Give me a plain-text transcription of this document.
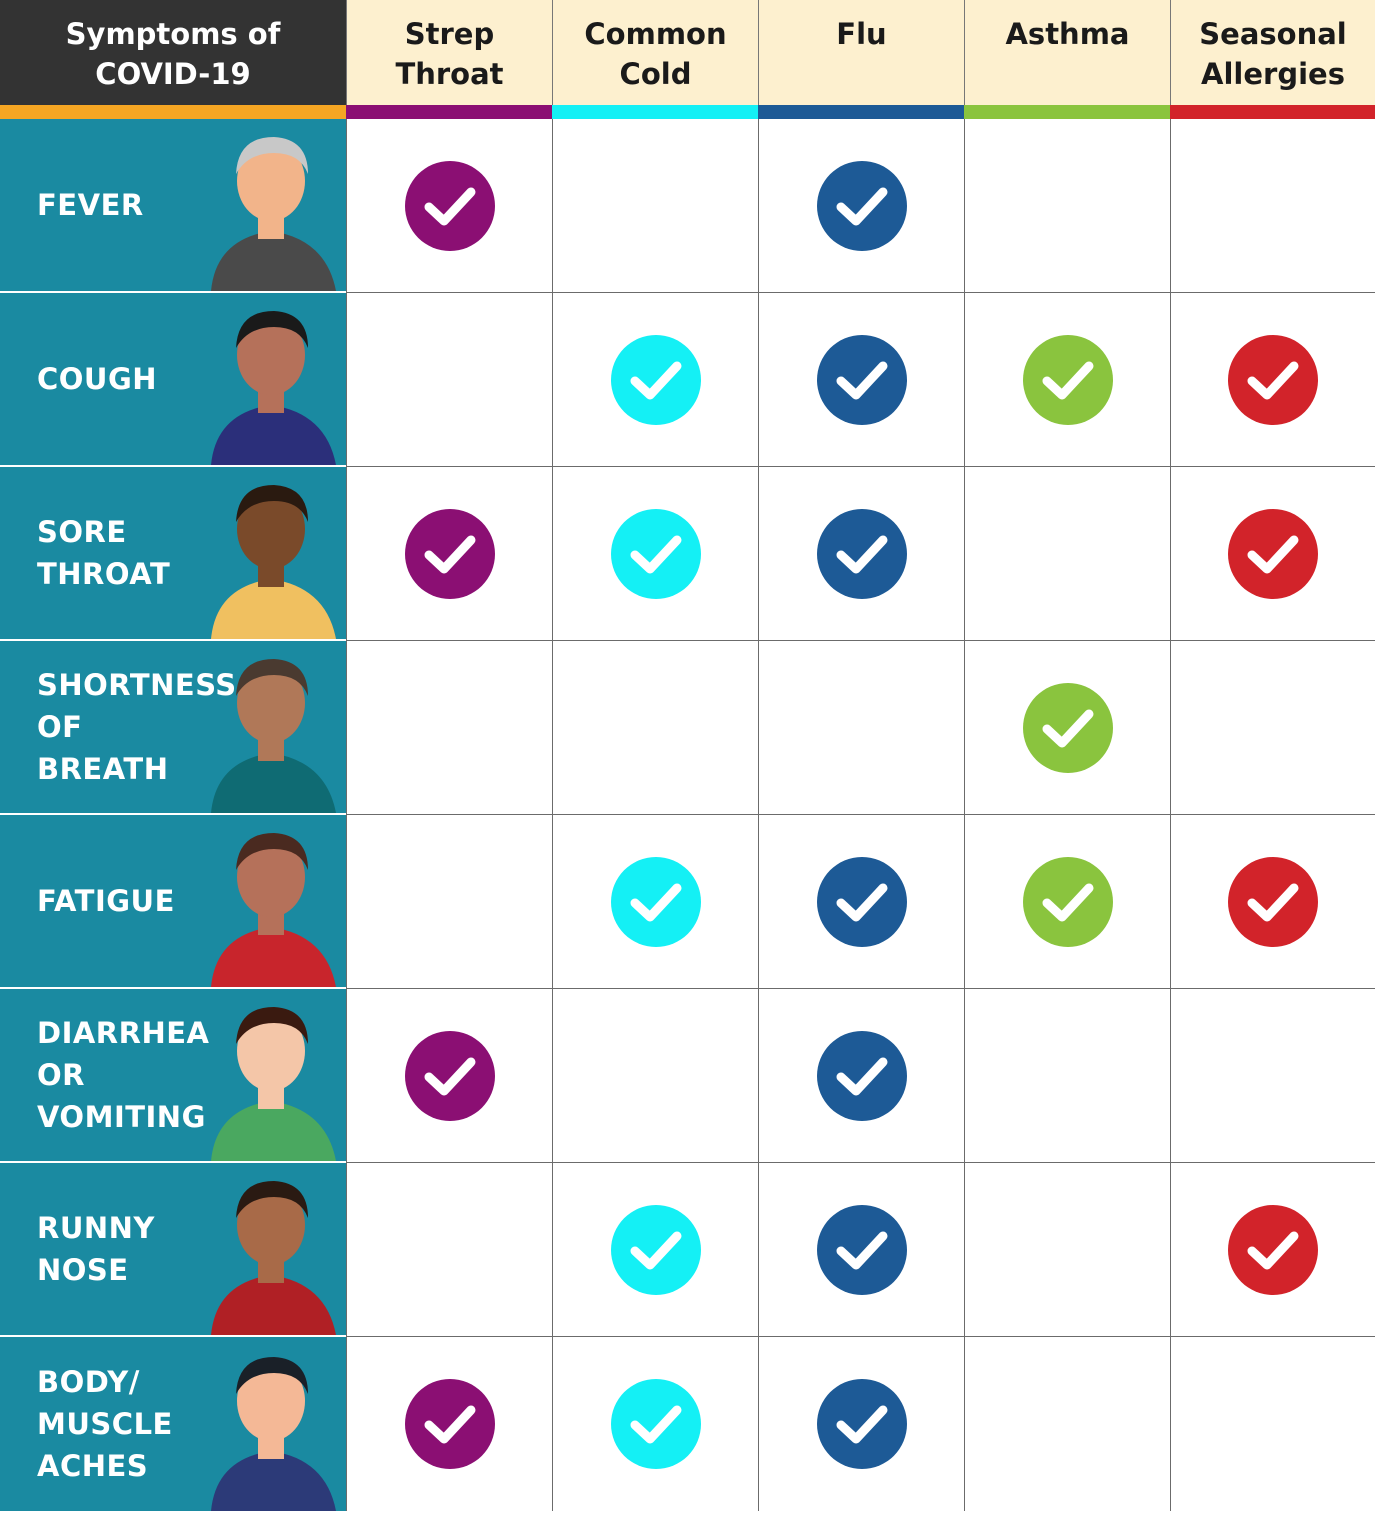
Symptoms of
COVID-19
Strep
Throat
Common
Cold
Flu	Asthma Seasonal
Allergies
FEVER
COUGH
SORE
THROAT
SHORTNESS
OF BREATH
FATIGUE
DIARRHEA
OR
VOMITING
RUNNY
NOSE
BODY/
MUSCLE
ACHES
